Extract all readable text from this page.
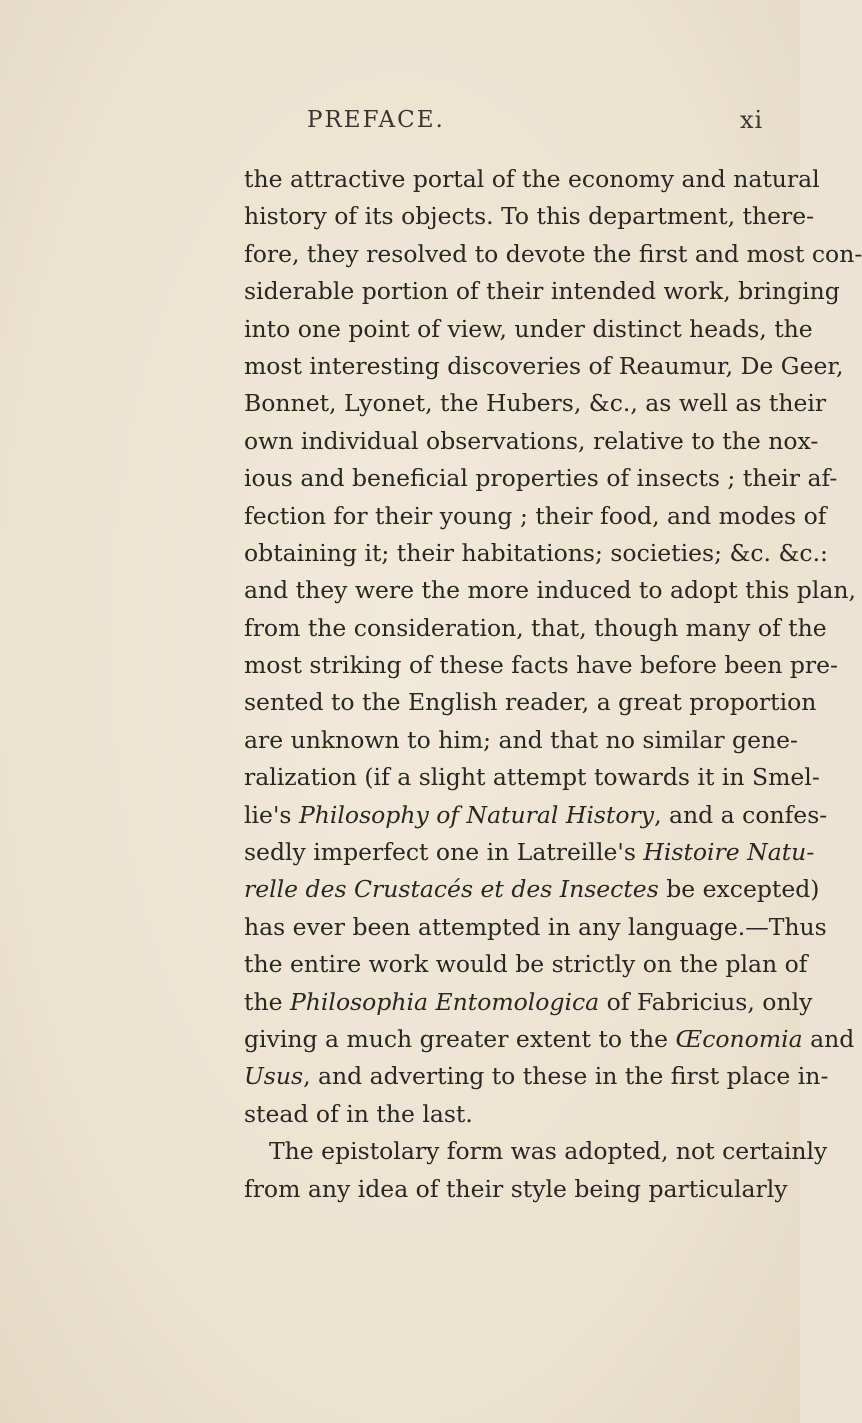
PREFACE.	xi
the attractive portal of the economy and natural
history of its objects. To this department, there-
fore, they resolved to devote the first and most con-
siderable portion of their intended work, bringing
into one point of view, under distinct heads, the
most interesting discoveries of Reaumur, De Geer,
Bonnet, Lyonet, the Hubers, &c., as well as their
own individual observations, relative to the nox-
ious and beneficial properties of insects ; their af-
fection for their young ; their food, and modes of
obtaining it; their habitations; societies; &c. &c.:
and they were the more induced to adopt this plan,
from the consideration, that, though many of the
most striking of these facts have before been pre-
sented to the English reader, a great proportion
are unknown to him; and that no similar gene-
ralization (if a slight attempt towards it in Smel-
lie's Philosophy of Natural History, and a confes-
sedly imperfect one in Latreille's Histoire Natu-
relle des Crustacés et des Insectes be excepted)
has ever been attempted in any language.—Thus
the entire work would be strictly on the plan of
the Philosophia Entomologica of Fabricius, only
giving a much greater extent to the Œconomia and
Usus, and adverting to these in the first place in-
stead of in the last.
The epistolary form was adopted, not certainly
from any idea of their style being particularly
